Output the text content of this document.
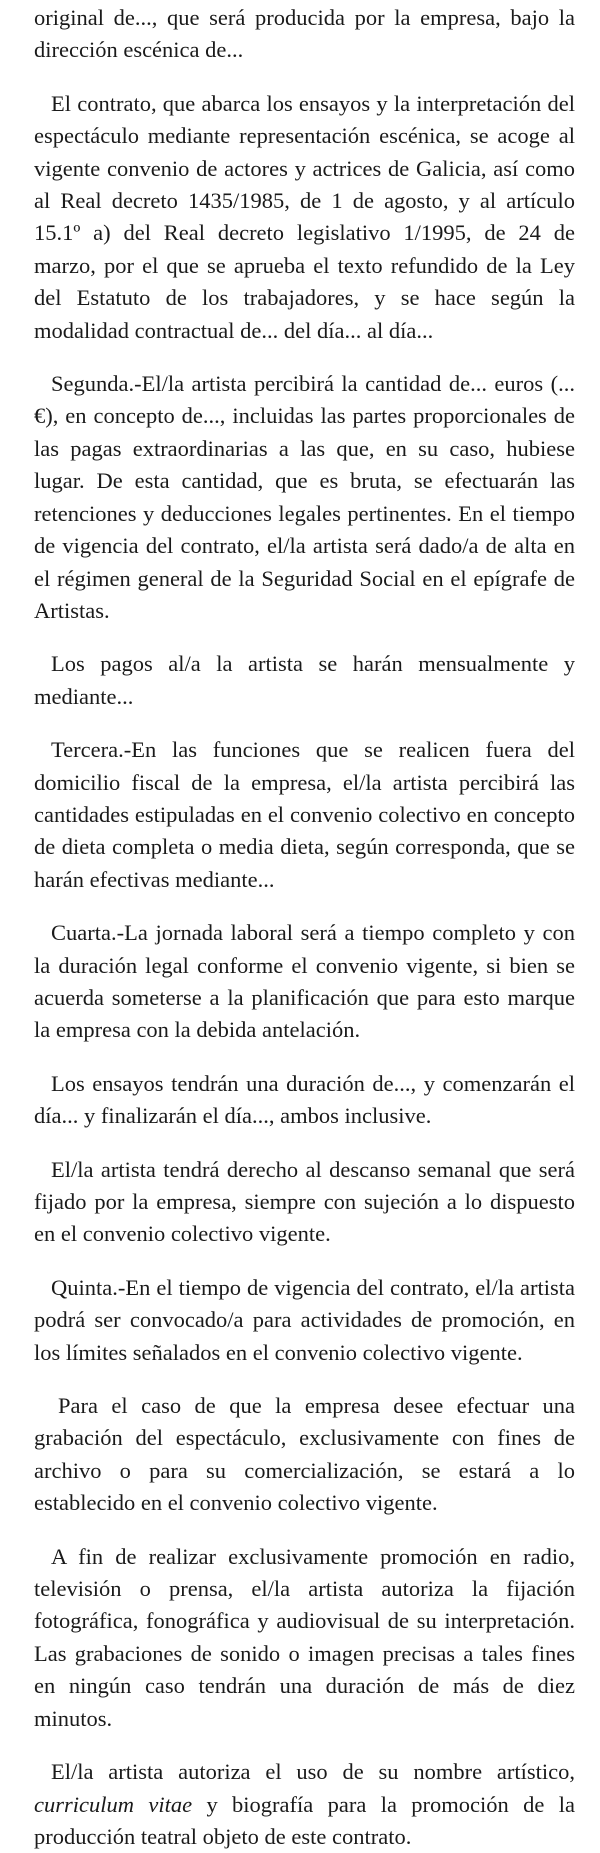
original de..., que será producida por la empresa, bajo la dirección escénica de...

El contrato, que abarca los ensayos y la interpretación del espectáculo mediante representación escénica, se acoge al vigente convenio de actores y actrices de Galicia, así como al Real decreto 1435/1985, de 1 de agosto, y al artículo 15.1º a) del Real decreto legislativo 1/1995, de 24 de marzo, por el que se aprueba el texto refundido de la Ley del Estatuto de los trabajadores, y se hace según la modalidad contractual de... del día... al día...

Segunda.-El/la artista percibirá la cantidad de... euros (...€), en concepto de..., incluidas las partes proporcionales de las pagas extraordinarias a las que, en su caso, hubiese lugar. De esta cantidad, que es bruta, se efectuarán las retenciones y deducciones legales pertinentes. En el tiempo de vigencia del contrato, el/la artista será dado/a de alta en el régimen general de la Seguridad Social en el epígrafe de Artistas.

Los pagos al/a la artista se harán mensualmente y mediante...

Tercera.-En las funciones que se realicen fuera del domicilio fiscal de la empresa, el/la artista percibirá las cantidades estipuladas en el convenio colectivo en concepto de dieta completa o media dieta, según corresponda, que se harán efectivas mediante...

Cuarta.-La jornada laboral será a tiempo completo y con la duración legal conforme el convenio vigente, si bien se acuerda someterse a la planificación que para esto marque la empresa con la debida antelación.

Los ensayos tendrán una duración de..., y comenzarán el día... y finalizarán el día..., ambos inclusive.

El/la artista tendrá derecho al descanso semanal que será fijado por la empresa, siempre con sujeción a lo dispuesto en el convenio colectivo vigente.

Quinta.-En el tiempo de vigencia del contrato, el/la artista podrá ser convocado/a para actividades de promoción, en los límites señalados en el convenio colectivo vigente.

Para el caso de que la empresa desee efectuar una grabación del espectáculo, exclusivamente con fines de archivo o para su comercialización, se estará a lo establecido en el convenio colectivo vigente.

A fin de realizar exclusivamente promoción en radio, televisión o prensa, el/la artista autoriza la fijación fotográfica, fonográfica y audiovisual de su interpretación. Las grabaciones de sonido o imagen precisas a tales fines en ningún caso tendrán una duración de más de diez minutos.

El/la artista autoriza el uso de su nombre artístico, curriculum vitae y biografía para la promoción de la producción teatral objeto de este contrato.
